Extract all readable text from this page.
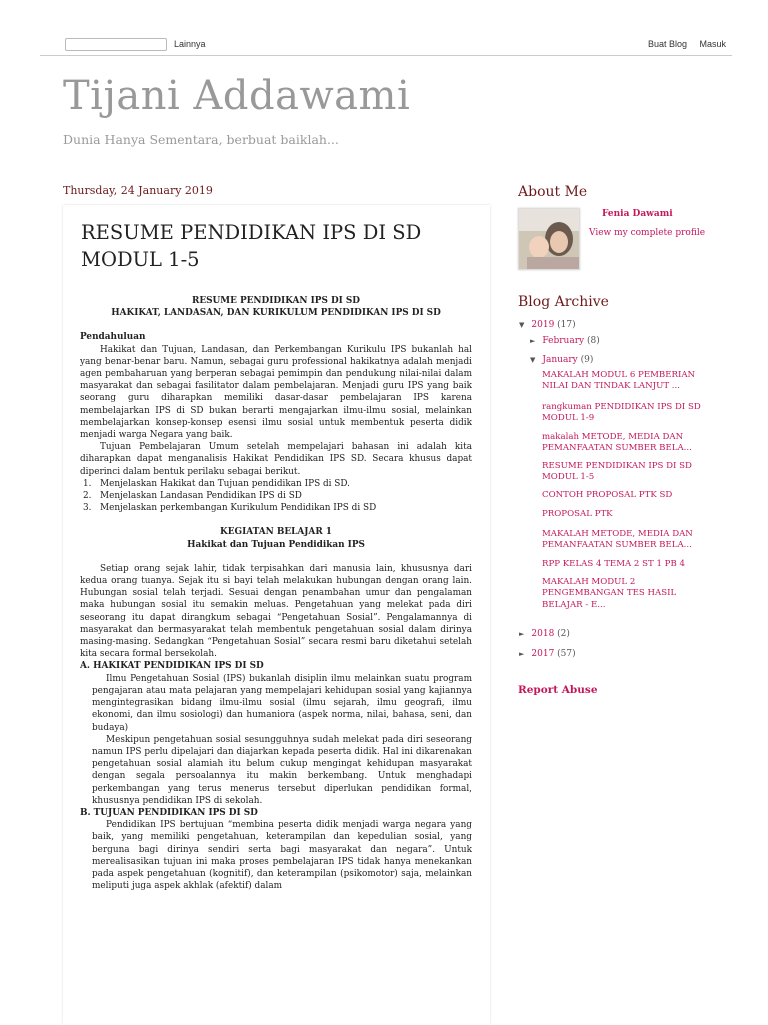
Lainnya	Buat Blog Masuk
Tijani Addawami
Dunia Hanya Sementara, berbuat baiklah...
Thursday, 24 January 2019
RESUME PENDIDIKAN IPS DI SD MODUL 1-5

RESUME PENDIDIKAN IPS DI SD

HAKIKAT, LANDASAN, DAN KURIKULUM PENDIDIKAN IPS DI SD

Pendahuluan

Hakikat dan Tujuan, Landasan, dan Perkembangan Kurikulu IPS bukanlah hal yang benar-benar baru. Namun, sebagai guru professional hakikatnya adalah menjadi agen pembaharuan yang berperan sebagai pemimpin dan pendukung nilai-nilai dalam masyarakat dan sebagai fasilitator dalam pembelajaran. Menjadi guru IPS yang baik seorang guru diharapkan memiliki dasar-dasar pembelajaran IPS karena membelajarkan IPS di SD bukan berarti mengajarkan ilmu-ilmu sosial, melainkan membelajarkan konsep-konsep esensi ilmu sosial untuk membentuk peserta didik menjadi warga Negara yang baik.

Tujuan Pembelajaran Umum setelah mempelajari bahasan ini adalah kita diharapkan dapat menganalisis Hakikat Pendidikan IPS SD. Secara khusus dapat diperinci dalam bentuk perilaku sebagai berikut.

1. Menjelaskan Hakikat dan Tujuan pendidikan IPS di SD.
2. Menjelaskan Landasan Pendidikan IPS di SD
3. Menjelaskan perkembangan Kurikulum Pendidikan IPS di SD

KEGIATAN BELAJAR 1

Hakikat dan Tujuan Pendidikan IPS

Setiap orang sejak lahir, tidak terpisahkan dari manusia lain, khususnya dari kedua orang tuanya. Sejak itu si bayi telah melakukan hubungan dengan orang lain. Hubungan sosial telah terjadi. Sesuai dengan penambahan umur dan pengalaman maka hubungan sosial itu semakin meluas. Pengetahuan yang melekat pada diri seseorang itu dapat dirangkum sebagai “Pengetahuan Sosial”. Pengalamannya di masyarakat dan bermasyarakat telah membentuk pengetahuan sosial dalam dirinya masing-masing. Sedangkan “Pengetahuan Sosial” secara resmi baru diketahui setelah kita secara formal bersekolah.

A. HAKIKAT PENDIDIKAN IPS DI SD

Ilmu Pengetahuan Sosial (IPS) bukanlah disiplin ilmu melainkan suatu program pengajaran atau mata pelajaran yang mempelajari kehidupan sosial yang kajiannya mengintegrasikan bidang ilmu-ilmu sosial (ilmu sejarah, ilmu geografi, ilmu ekonomi, dan ilmu sosiologi) dan humaniora (aspek norma, nilai, bahasa, seni, dan budaya)

Meskipun pengetahuan sosial sesungguhnya sudah melekat pada diri seseorang namun IPS perlu dipelajari dan diajarkan kepada peserta didik. Hal ini dikarenakan pengetahuan sosial alamiah itu belum cukup mengingat kehidupan masyarakat dengan segala persoalannya itu makin berkembang. Untuk menghadapi perkembangan yang terus menerus tersebut diperlukan pendidikan formal, khususnya pendidikan IPS di sekolah.

B. TUJUAN PENDIDIKAN IPS DI SD

Pendidikan IPS bertujuan “membina peserta didik menjadi warga negara yang baik, yang memiliki pengetahuan, keterampilan dan kepedulian sosial, yang berguna bagi dirinya sendiri serta bagi masyarakat dan negara”. Untuk merealisasikan tujuan ini maka proses pembelajaran IPS tidak hanya menekankan pada aspek pengetahuan (kognitif), dan keterampilan (psikomotor) saja, melainkan meliputi juga aspek akhlak (afektif) dalam

About Me
Fenia Dawami
View my complete profile
Blog Archive
▼ 2019 (17)
► February (8)
▼ January (9)
MAKALAH MODUL 6 PEMBERIAN NILAI DAN TINDAK LANJUT ...
rangkuman PENDIDIKAN IPS DI SD MODUL 1-9
makalah METODE, MEDIA DAN PEMANFAATAN SUMBER BELA...
RESUME PENDIDIKAN IPS DI SD MODUL 1-5
CONTOH PROPOSAL PTK SD
PROPOSAL PTK
MAKALAH METODE, MEDIA DAN PEMANFAATAN SUMBER BELA...
RPP KELAS 4 TEMA 2 ST 1 PB 4
MAKALAH MODUL 2 PENGEMBANGAN TES HASIL BELAJAR - E...
► 2018 (2)
► 2017 (57)
Report Abuse
